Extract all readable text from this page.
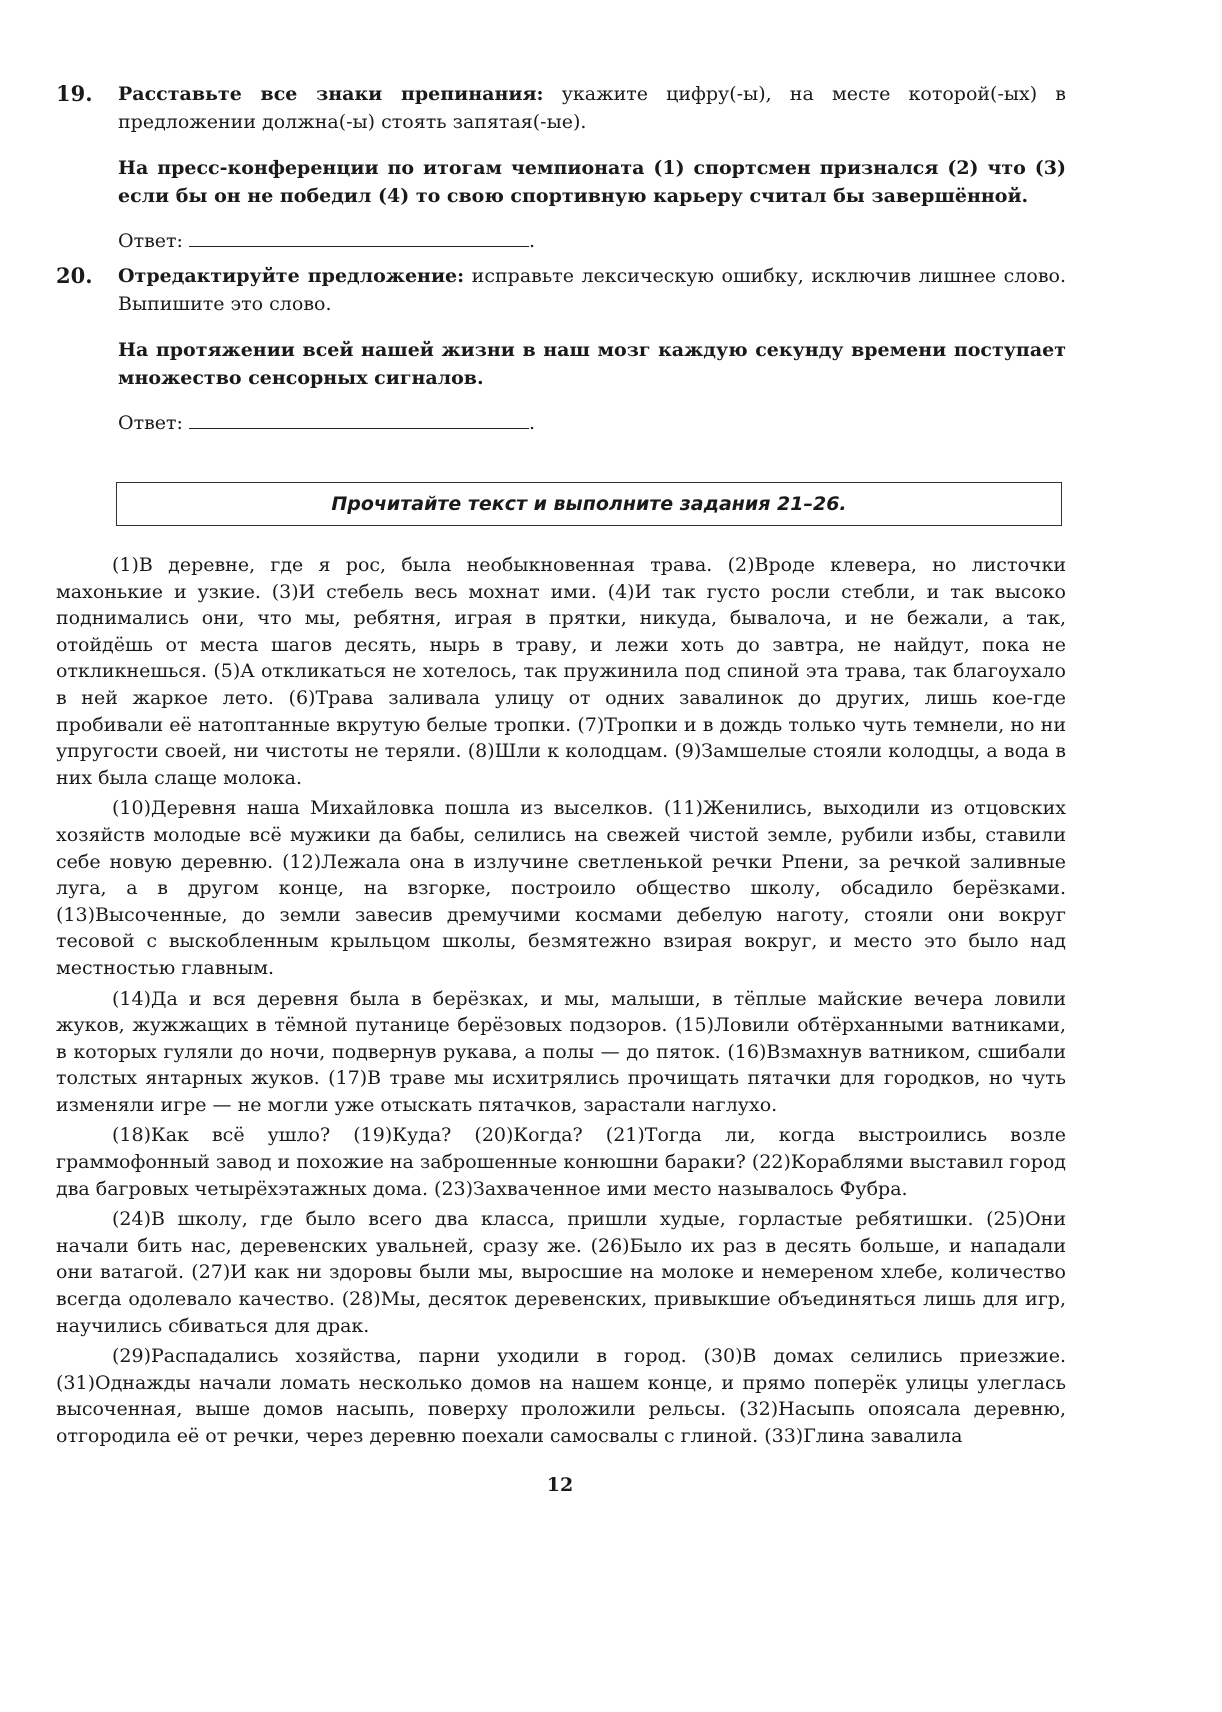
19. Расставьте все знаки препинания: укажите цифру(-ы), на месте которой(-ых) в предложении должна(-ы) стоять запятая(-ые).
На пресс-конференции по итогам чемпионата (1) спортсмен признался (2) что (3) если бы он не победил (4) то свою спортивную карьеру считал бы завершённой.
Ответ:	.
20. Отредактируйте предложение: исправьте лексическую ошибку, исключив лишнее слово. Выпишите это слово.
На протяжении всей нашей жизни в наш мозг каждую секунду времени поступает множество сенсорных сигналов.
Ответ:	.
Прочитайте текст и выполните задания 21–26.

(1)В деревне, где я рос, была необыкновенная трава. (2)Вроде клевера, но листочки махонькие и узкие. (3)И стебель весь мохнат ими. (4)И так густо росли стебли, и так высоко поднимались они, что мы, ребятня, играя в прятки, никуда, бывалоча, и не бежали, а так, отойдёшь от места шагов десять, нырь в траву, и лежи хоть до завтра, не найдут, пока не откликнешься. (5)А откликаться не хотелось, так пружинила под спиной эта трава, так благоухало в ней жаркое лето. (6)Трава заливала улицу от одних завалинок до других, лишь кое-где пробивали её натоптанные вкрутую белые тропки. (7)Тропки и в дождь только чуть темнели, но ни упругости своей, ни чистоты не теряли. (8)Шли к колодцам. (9)Замшелые стояли колодцы, а вода в них была слаще молока.

(10)Деревня наша Михайловка пошла из выселков. (11)Женились, выходили из отцовских хозяйств молодые всё мужики да бабы, селились на свежей чистой земле, рубили избы, ставили себе новую деревню. (12)Лежала она в излучине светленькой речки Рпени, за речкой заливные луга, а в другом конце, на взгорке, построило общество школу, обсадило берёзками. (13)Высоченные, до земли завесив дремучими космами дебелую наготу, стояли они вокруг тесовой с выскобленным крыльцом школы, безмятежно взирая вокруг, и место это было над местностью главным.

(14)Да и вся деревня была в берёзках, и мы, малыши, в тёплые майские вечера ловили жуков, жужжащих в тёмной путанице берёзовых подзоров. (15)Ловили обтёрханными ватниками, в которых гуляли до ночи, подвернув рукава, а полы — до пяток. (16)Взмахнув ватником, сшибали толстых янтарных жуков. (17)В траве мы исхитрялись прочищать пятачки для городков, но чуть изменяли игре — не могли уже отыскать пятачков, зарастали наглухо.

(18)Как всё ушло? (19)Куда? (20)Когда? (21)Тогда ли, когда выстроились возле граммофонный завод и похожие на заброшенные конюшни бараки? (22)Кораблями выставил город два багровых четырёхэтажных дома. (23)Захваченное ими место называлось Фубра.

(24)В школу, где было всего два класса, пришли худые, горластые ребятишки. (25)Они начали бить нас, деревенских увальней, сразу же. (26)Было их раз в десять больше, и нападали они ватагой. (27)И как ни здоровы были мы, выросшие на молоке и немереном хлебе, количество всегда одолевало качество. (28)Мы, десяток деревенских, привыкшие объединяться лишь для игр, научились сбиваться для драк.

(29)Распадались хозяйства, парни уходили в город. (30)В домах селились приезжие. (31)Однажды начали ломать несколько домов на нашем конце, и прямо поперёк улицы улеглась высоченная, выше домов насыпь, поверху проложили рельсы. (32)Насыпь опоясала деревню, отгородила её от речки, через деревню поехали самосвалы с глиной. (33)Глина завалила

12
